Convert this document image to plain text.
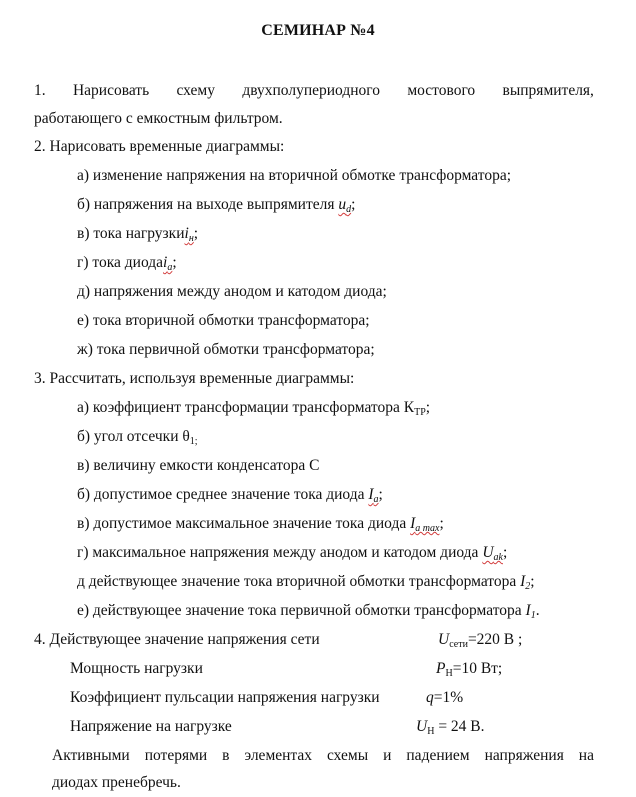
СЕМИНАР №4
1. Нарисовать схему двухполупериодного мостового выпрямителя,
работающего с емкостным фильтром.
2. Нарисовать временные диаграммы:
а) изменение напряжения на вторичной обмотке трансформатора;
б) напряжения на выходе выпрямителя ud;
в) тока нагрузкиiн;
г) тока диодаia;
д) напряжения между анодом и катодом диода;
е) тока вторичной обмотки трансформатора;
ж) тока первичной обмотки трансформатора;
3. Рассчитать, используя временные диаграммы:
а) коэффициент трансформации трансформатора $К_{ТР}$;
б) угол отсечки $\theta_{1;}$
в) величину емкости конденсатора С
б) допустимое среднее значение тока диода Ia;
в) допустимое максимальное значение тока диода Ia max;
г) максимальное напряжения между анодом и катодом диода Uak;
д действующее значение тока вторичной обмотки трансформатора I2;
е) действующее значение тока первичной обмотки трансформатора I1.
4. Действующее значение напряжения сети	$U_{сети}=220$ В ;
Мощность нагрузки	$P_Н=10$ Вт;
Коэффициент пульсации напряжения нагрузки	q=1%
Напряжение на нагрузке	$U_Н = 24$ В.
Активными потерями в элементах схемы и падением напряжения на
диодах пренебречь.
